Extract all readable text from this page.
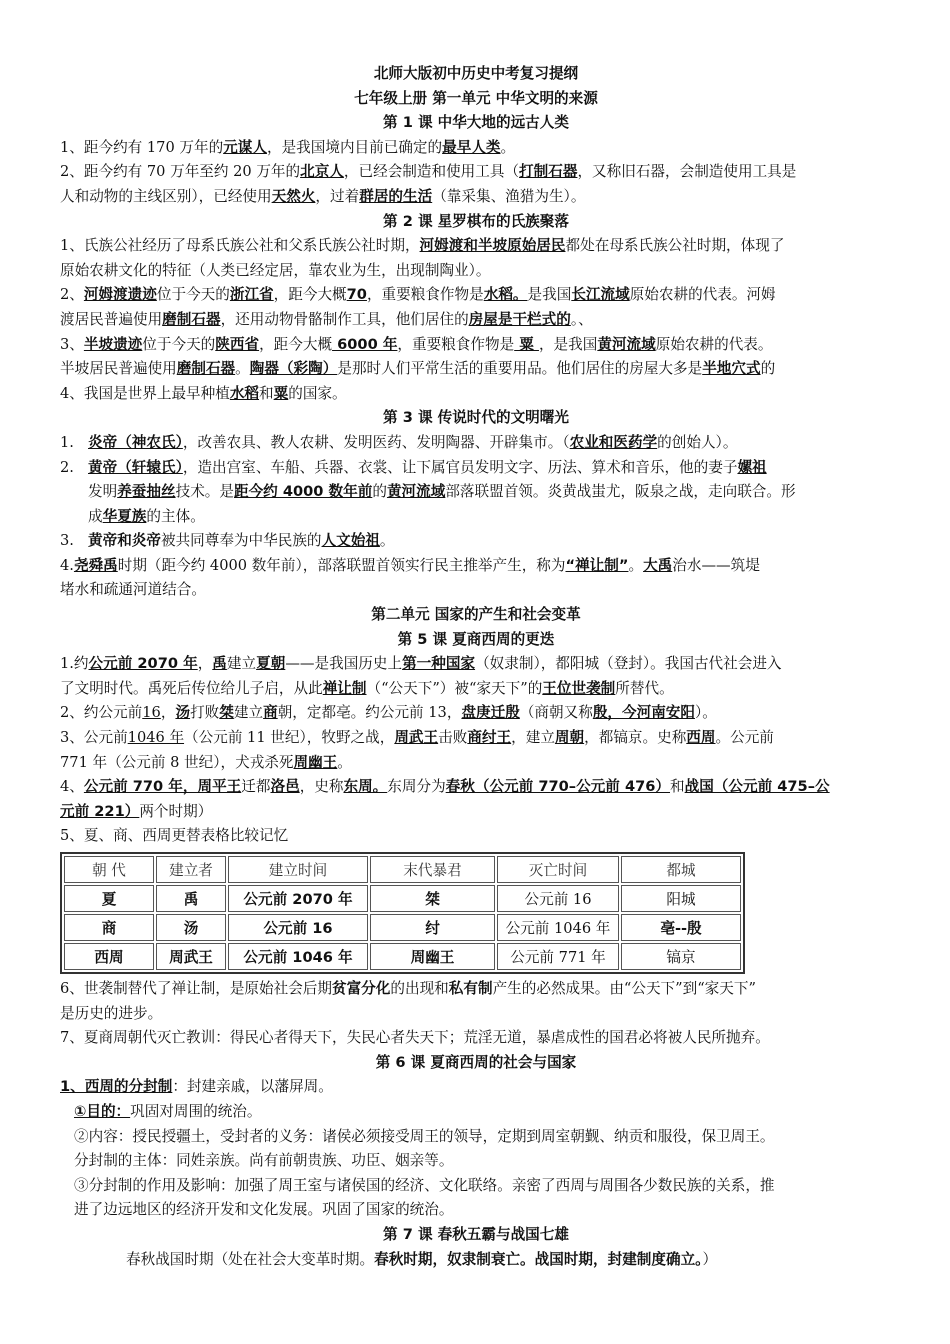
北师大版初中历史中考复习提纲

七年级上册 第一单元 中华文明的来源

第 1 课 中华大地的远古人类

1、距今约有 170 万年的元谋人，是我国境内目前已确定的最早人类。

2、距今约有 70 万年至约 20 万年的北京人，已经会制造和使用工具（打制石器，又称旧石器，会制造使用工具是
人和动物的主线区别），已经使用天然火，过着群居的生活（靠采集、渔猎为生）。

第 2 课 星罗棋布的氏族聚落

1、氏族公社经历了母系氏族公社和父系氏族公社时期，河姆渡和半坡原始居民都处在母系氏族公社时期，体现了
原始农耕文化的特征（人类已经定居，靠农业为生，出现制陶业）。

2、河姆渡遗迹位于今天的浙江省，距今大概70，重要粮食作物是水稻。是我国长江流域原始农耕的代表。河姆
渡居民普遍使用磨制石器，还用动物骨骼制作工具，他们居住的房屋是干栏式的。、

3、半坡遗迹位于今天的陕西省，距今大概 6000 年，重要粮食作物是 粟 ，是我国黄河流域原始农耕的代表。
半坡居民普遍使用磨制石器。陶器（彩陶）是那时人们平常生活的重要用品。他们居住的房屋大多是半地穴式的

4、我国是世界上最早种植水稻和粟的国家。

第 3 课 传说时代的文明曙光

1. 炎帝（神农氏），改善农具、教人农耕、发明医药、发明陶器、开辟集市。（农业和医药学的创始人）。

2. 黄帝（轩辕氏），造出宫室、车船、兵器、衣裳、让下属官员发明文字、历法、算术和音乐，他的妻子嫘祖
发明养蚕抽丝技术。是距今约 4000 数年前的黄河流域部落联盟首领。炎黄战蚩尤，阪泉之战，走向联合。形
成华夏族的主体。

3. 黄帝和炎帝被共同尊奉为中华民族的人文始祖。

4.尧舜禹时期（距今约 4000 数年前），部落联盟首领实行民主推举产生，称为“禅让制”。大禹治水——筑堤
堵水和疏通河道结合。

第二单元 国家的产生和社会变革

第 5 课 夏商西周的更迭

1.约公元前 2070 年，禹建立夏朝——是我国历史上第一种国家（奴隶制），都阳城（登封）。我国古代社会进入
了文明时代。禹死后传位给儿子启，从此禅让制（“公天下”）被“家天下”的王位世袭制所替代。

2、约公元前16，汤打败桀建立商朝，定都亳。约公元前 13，盘庚迁殷（商朝又称殷，今河南安阳）。

3、公元前1046 年（公元前 11 世纪），牧野之战，周武王击败商纣王，建立周朝，都镐京。史称西周。公元前
771 年（公元前 8 世纪），犬戎杀死周幽王。

4、公元前 770 年，周平王迁都洛邑，史称东周。东周分为春秋（公元前 770–公元前 476）和战国（公元前 475–公
元前 221）两个时期）

5、夏、商、西周更替表格比较记忆

朝 代	建立者	建立时间	末代暴君	灭亡时间	都城
夏	禹	公元前 2070 年	桀	公元前 16	阳城
商	汤	公元前 16	纣	公元前 1046 年	亳--殷
西周	周武王	公元前 1046 年	周幽王	公元前 771 年	镐京

6、世袭制替代了禅让制，是原始社会后期贫富分化的出现和私有制产生的必然成果。由“公天下”到“家天下”
是历史的进步。

7、夏商周朝代灭亡教训：得民心者得天下，失民心者失天下；荒淫无道，暴虐成性的国君必将被人民所抛弃。

第 6 课 夏商西周的社会与国家

1、西周的分封制：封建亲戚，以藩屏周。

①目的：巩固对周围的统治。

②内容：授民授疆土，受封者的义务：诸侯必须接受周王的领导，定期到周室朝觐、纳贡和服役，保卫周王。

分封制的主体：同姓亲族。尚有前朝贵族、功臣、姻亲等。

③分封制的作用及影响：加强了周王室与诸侯国的经济、文化联络。亲密了西周与周围各少数民族的关系，推
进了边远地区的经济开发和文化发展。巩固了国家的统治。

第 7 课 春秋五霸与战国七雄

春秋战国时期（处在社会大变革时期。春秋时期，奴隶制衰亡。战国时期，封建制度确立。）
